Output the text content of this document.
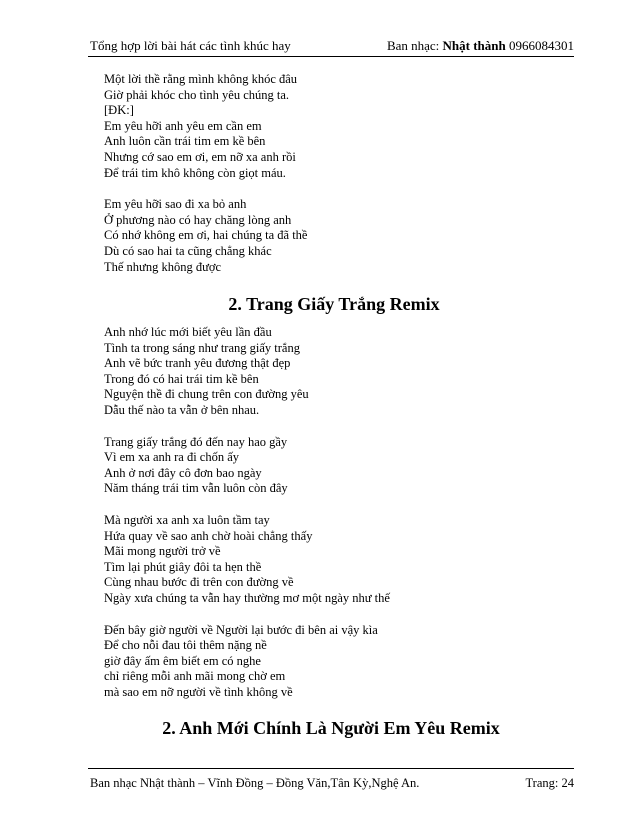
Tổng hợp lời bài hát các tình khúc hay	Ban nhạc: Nhật thành 0966084301
Một lời thề rằng mình không khóc đâu
Giờ phải khóc cho tình yêu chúng ta.
[ĐK:]
Em yêu hỡi anh yêu em cần em
Anh luôn cần trái tim em kề bên
Nhưng cớ sao em ơi, em nỡ xa anh rồi
Để trái tim khô không còn giọt máu.
Em yêu hỡi sao đi xa bỏ anh
Ở phương nào có hay chăng lòng anh
Có nhớ không em ơi, hai chúng ta đã thề
Dù có sao hai ta cũng chẳng khác
Thế nhưng không được
2. Trang Giấy Trắng Remix
Anh nhớ lúc mới biết yêu lần đầu
Tình ta trong sáng như trang giấy trắng
Anh vẽ bức tranh yêu đương thật đẹp
Trong đó có hai trái tim kề bên
Nguyện thề đi chung trên con đường yêu
Dẫu thế nào ta vẫn ở bên nhau.
Trang giấy trắng đó đến nay hao gầy
Vì em xa anh ra đi chốn ấy
Anh ở nơi đây cô đơn bao ngày
Năm tháng trái tim vẫn luôn còn đây
Mà người xa anh xa luôn tầm tay
Hứa quay về sao anh chờ hoài chẳng thấy
Mãi mong người trở về
Tìm lại phút giây đôi ta hẹn thề
Cùng nhau bước đi trên con đường về
Ngày xưa chúng ta vẫn hay thường mơ một ngày như thế
Đến bây giờ người về Người lại bước đi bên ai vậy kìa
Để cho nỗi đau tôi thêm nặng nề
giờ đây ấm êm biết em có nghe
chỉ riêng mỗi anh mãi mong chờ em
mà sao em nỡ người về tình không về
2. Anh Mới Chính Là Người Em Yêu Remix
Ban nhạc Nhật thành – Vĩnh Đồng – Đồng Văn,Tân Kỳ,Nghệ An.	Trang: 24
